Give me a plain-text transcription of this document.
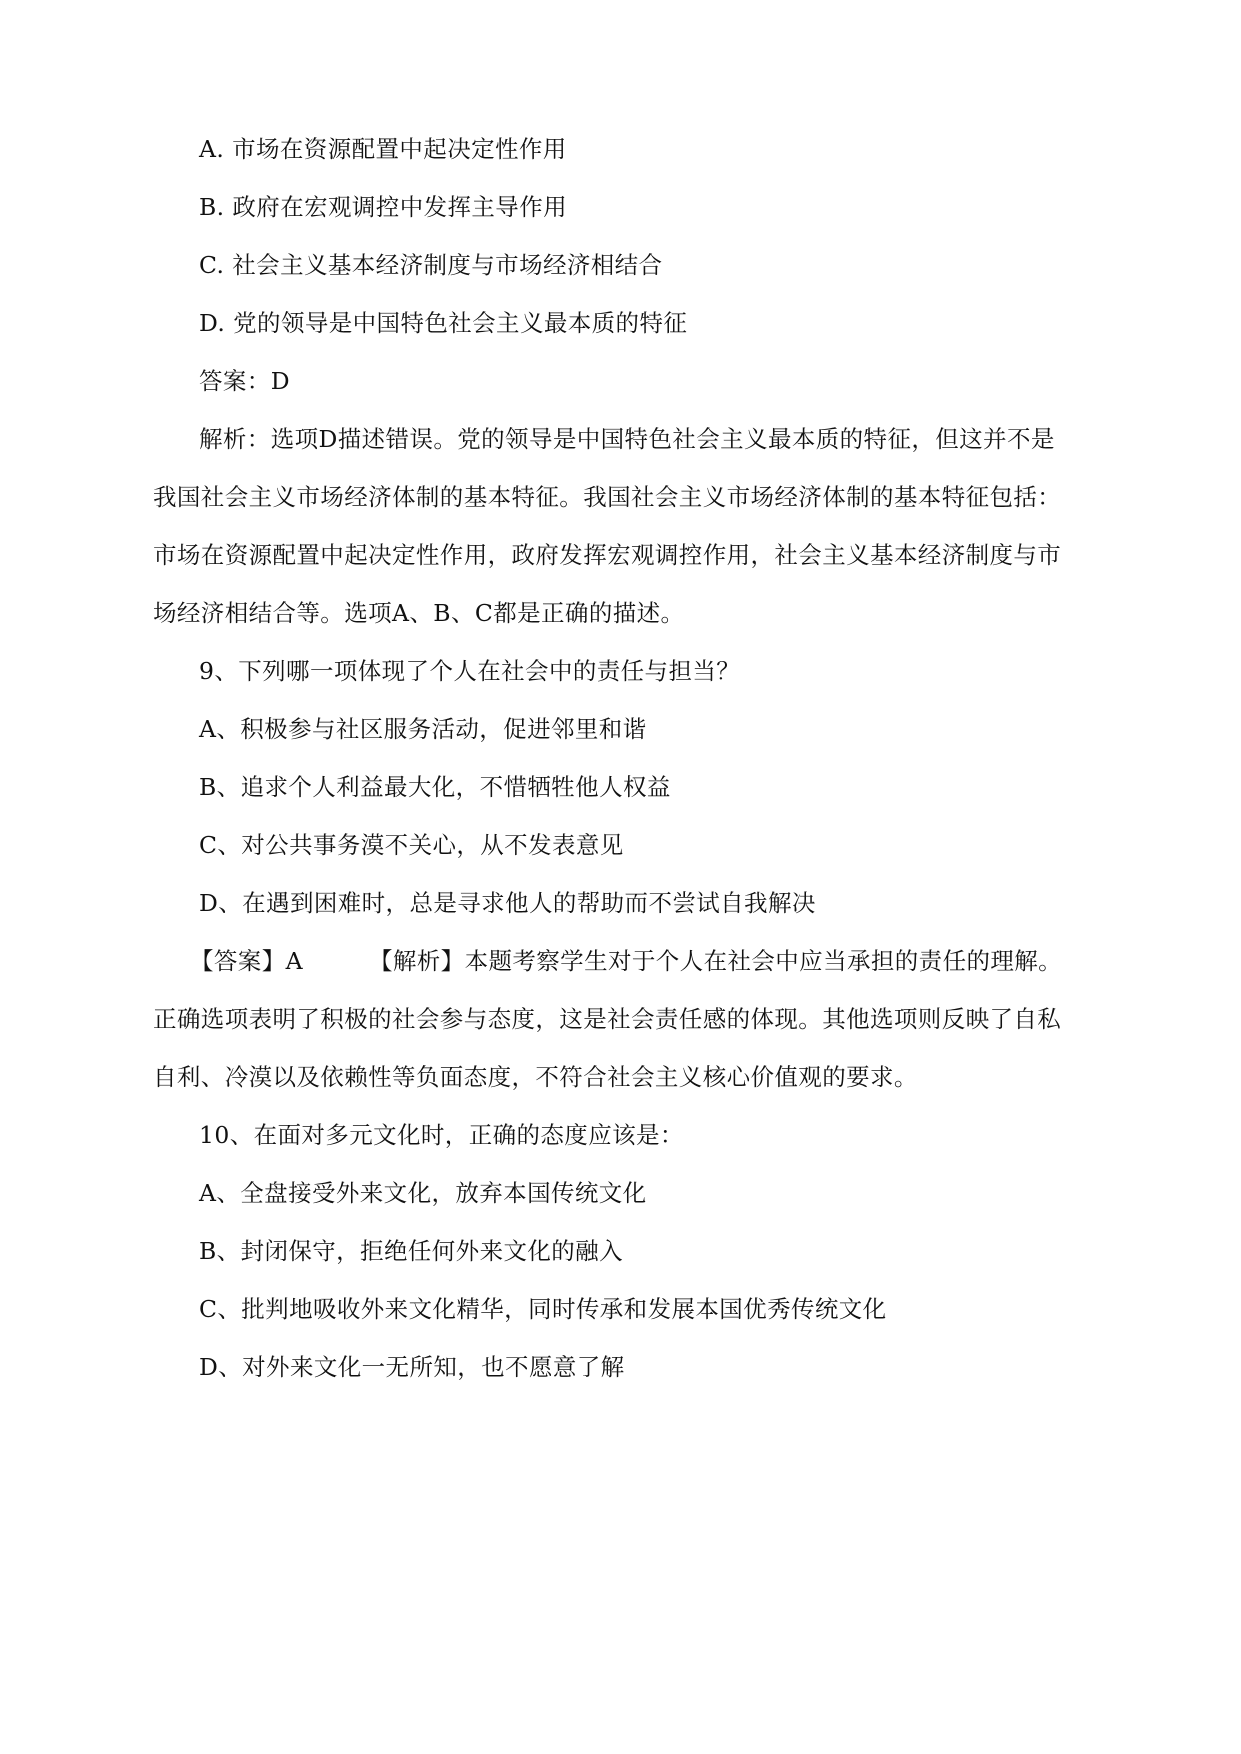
A. 市场在资源配置中起决定性作用
B. 政府在宏观调控中发挥主导作用
C. 社会主义基本经济制度与市场经济相结合
D. 党的领导是中国特色社会主义最本质的特征
答案：D
解析：选项D描述错误。党的领导是中国特色社会主义最本质的特征，但这并不是
我国社会主义市场经济体制的基本特征。我国社会主义市场经济体制的基本特征包括：
市场在资源配置中起决定性作用，政府发挥宏观调控作用，社会主义基本经济制度与市
场经济相结合等。选项A、B、C都是正确的描述。
9、下列哪一项体现了个人在社会中的责任与担当？
A、积极参与社区服务活动，促进邻里和谐
B、追求个人利益最大化，不惜牺牲他人权益
C、对公共事务漠不关心，从不发表意见
D、在遇到困难时，总是寻求他人的帮助而不尝试自我解决
【答案】A	【解析】本题考察学生对于个人在社会中应当承担的责任的理解。
正确选项表明了积极的社会参与态度，这是社会责任感的体现。其他选项则反映了自私
自利、冷漠以及依赖性等负面态度，不符合社会主义核心价值观的要求。
10、在面对多元文化时，正确的态度应该是：
A、全盘接受外来文化，放弃本国传统文化
B、封闭保守，拒绝任何外来文化的融入
C、批判地吸收外来文化精华，同时传承和发展本国优秀传统文化
D、对外来文化一无所知，也不愿意了解
